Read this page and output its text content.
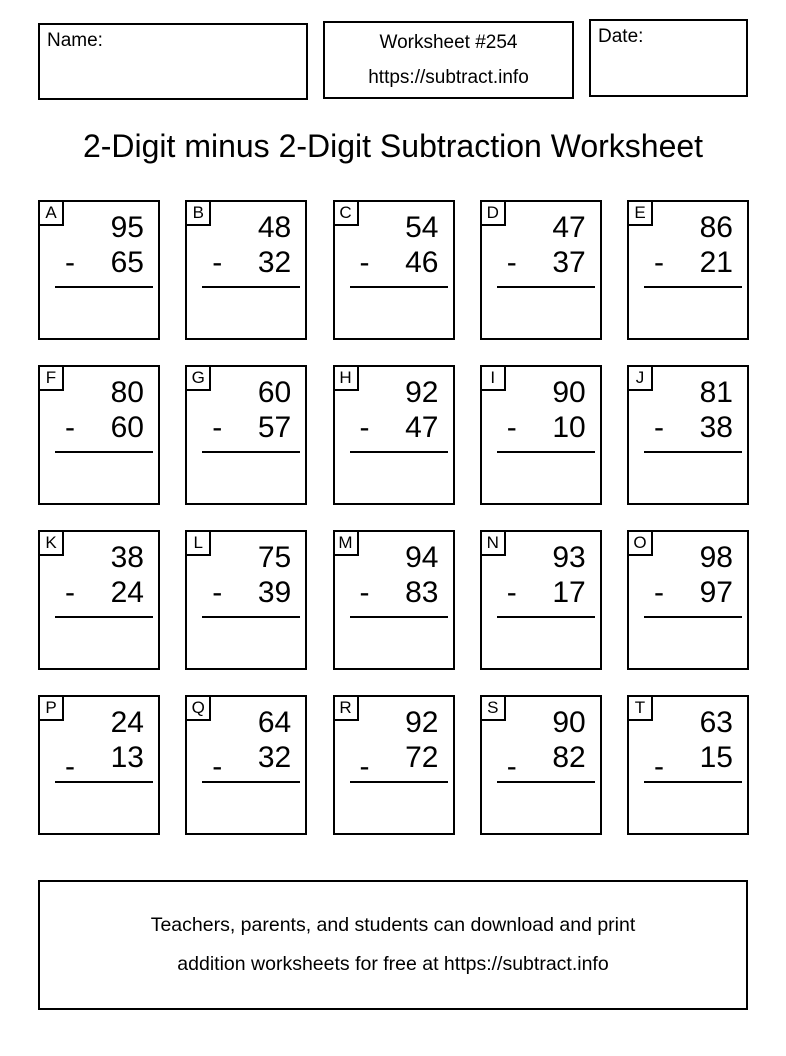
Name:	Worksheet #254
https://subtract.info
Date:
2-Digit minus 2-Digit Subtraction Worksheet
A 95
- 65
B 48
- 32
C 54
- 46
D 47
- 37
E 86
- 21
F 80
- 60
G 60
- 57
H 92
- 47
I	90
- 10
J 81
- 38
K 38
- 24
L 75
- 39
M 94
- 83
N 93
- 17
O 98
- 97
P 24
- 13
Q 64
- 32
R 92
- 72
S 90
- 82
T 63
- 15
Teachers, parents, and students can download and print
addition worksheets for free at https://subtract.info
